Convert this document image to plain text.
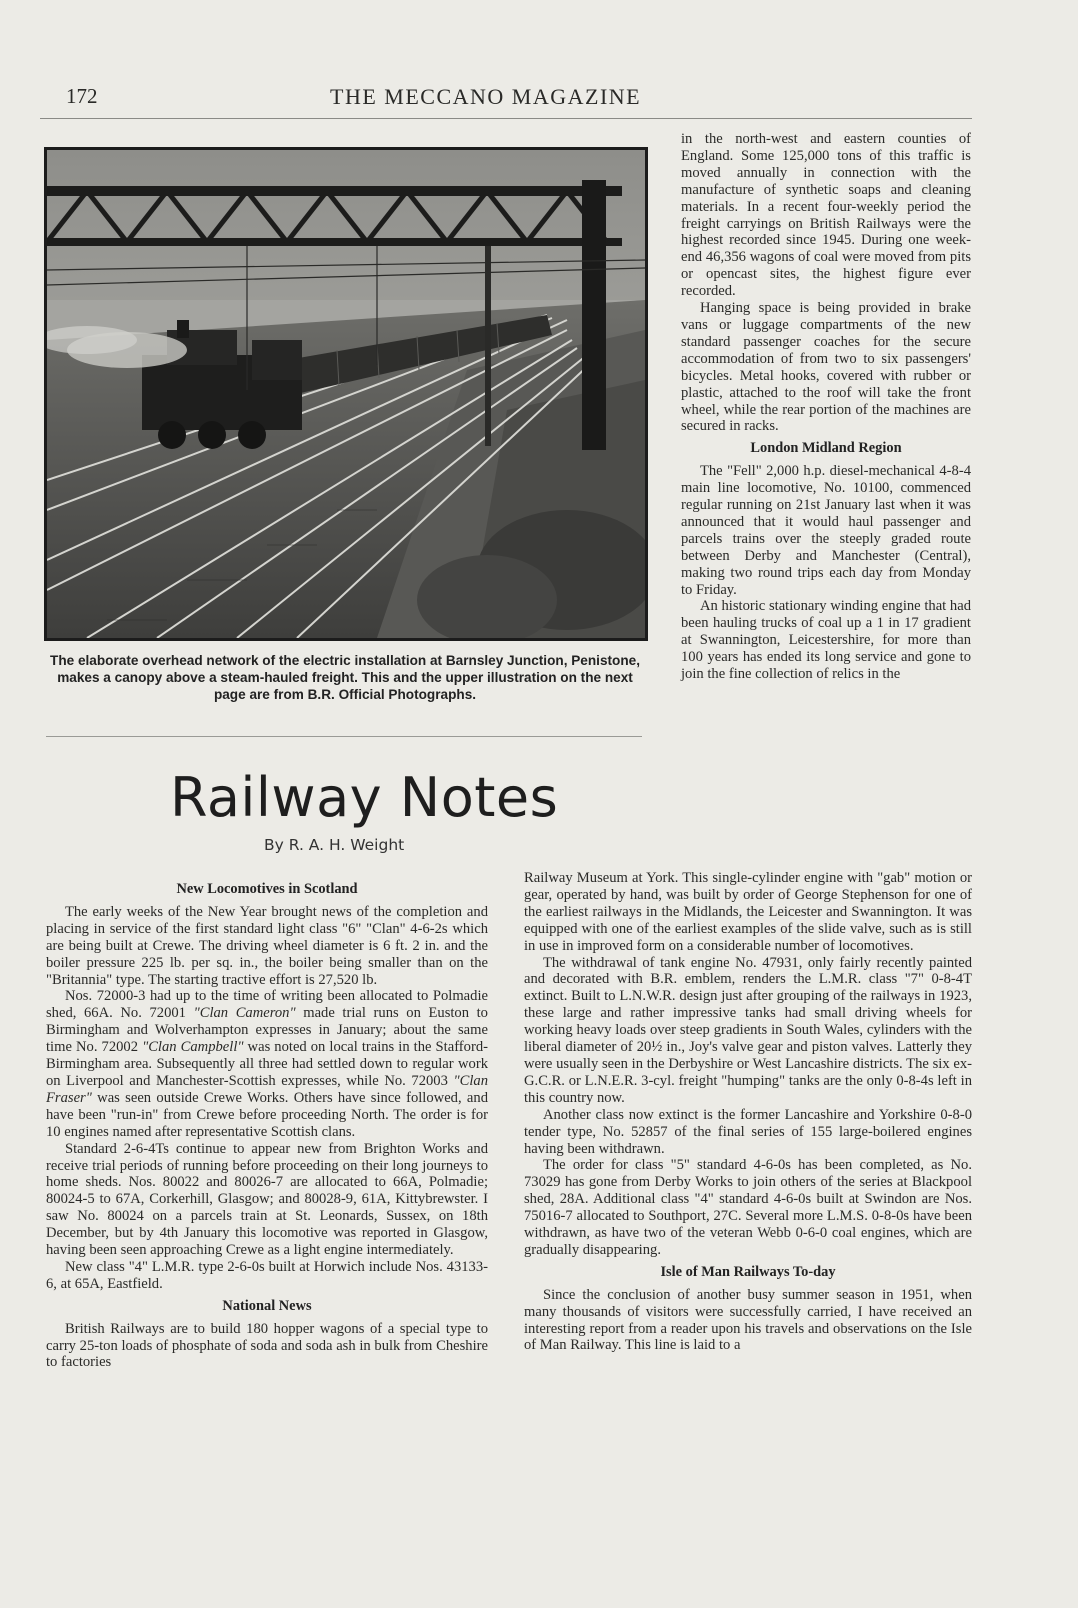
172	THE MECCANO MAGAZINE
The elaborate overhead network of the electric installation at Barnsley Junction, Penistone, makes a canopy above a steam-hauled freight. This and the upper illustration on the next page are from B.R. Official Photographs.
Railway Notes
By R. A. H. Weight

in the north-west and eastern counties of England. Some 125,000 tons of this traffic is moved annually in connection with the manufacture of synthetic soaps and cleaning materials. In a recent four-weekly period the freight carryings on British Railways were the highest recorded since 1945. During one week-end 46,356 wagons of coal were moved from pits or opencast sites, the highest figure ever recorded.

Hanging space is being provided in brake vans or luggage compartments of the new standard passenger coaches for the secure accommodation of from two to six passengers' bicycles. Metal hooks, covered with rubber or plastic, attached to the roof will take the front wheel, while the rear portion of the machines are secured in racks.

London Midland Region

The "Fell" 2,000 h.p. diesel-mechanical 4-8-4 main line locomotive, No. 10100, commenced regular running on 21st January last when it was announced that it would haul passenger and parcels trains over the steeply graded route between Derby and Manchester (Central), making two round trips each day from Monday to Friday.

An historic stationary winding engine that had been hauling trucks of coal up a 1 in 17 gradient at Swannington, Leicestershire, for more than 100 years has ended its long service and gone to join the fine collection of relics in the

New Locomotives in Scotland

The early weeks of the New Year brought news of the completion and placing in service of the first standard light class "6" "Clan" 4-6-2s which are being built at Crewe. The driving wheel diameter is 6 ft. 2 in. and the boiler pressure 225 lb. per sq. in., the boiler being smaller than on the "Britannia" type. The starting tractive effort is 27,520 lb.

Nos. 72000-3 had up to the time of writing been allocated to Polmadie shed, 66A. No. 72001 "Clan Cameron" made trial runs on Euston to Birmingham and Wolverhampton expresses in January; about the same time No. 72002 "Clan Campbell" was noted on local trains in the Stafford-Birmingham area. Subsequently all three had settled down to regular work on Liverpool and Manchester-Scottish expresses, while No. 72003 "Clan Fraser" was seen outside Crewe Works. Others have since followed, and have been "run-in" from Crewe before proceeding North. The order is for 10 engines named after representative Scottish clans.

Standard 2-6-4Ts continue to appear new from Brighton Works and receive trial periods of running before proceeding on their long journeys to home sheds. Nos. 80022 and 80026-7 are allocated to 66A, Polmadie; 80024-5 to 67A, Corkerhill, Glasgow; and 80028-9, 61A, Kittybrewster. I saw No. 80024 on a parcels train at St. Leonards, Sussex, on 18th December, but by 4th January this locomotive was reported in Glasgow, having been seen approaching Crewe as a light engine intermediately.

New class "4" L.M.R. type 2-6-0s built at Horwich include Nos. 43133-6, at 65A, Eastfield.

National News

British Railways are to build 180 hopper wagons of a special type to carry 25-ton loads of phosphate of soda and soda ash in bulk from Cheshire to factories

Railway Museum at York. This single-cylinder engine with "gab" motion or gear, operated by hand, was built by order of George Stephenson for one of the earliest railways in the Midlands, the Leicester and Swannington. It was equipped with one of the earliest examples of the slide valve, such as is still in use in improved form on a considerable number of locomotives.

The withdrawal of tank engine No. 47931, only fairly recently painted and decorated with B.R. emblem, renders the L.M.R. class "7" 0-8-4T extinct. Built to L.N.W.R. design just after grouping of the railways in 1923, these large and rather impressive tanks had small driving wheels for working heavy loads over steep gradients in South Wales, cylinders with the liberal diameter of 20½ in., Joy's valve gear and piston valves. Latterly they were usually seen in the Derbyshire or West Lancashire districts. The six ex-G.C.R. or L.N.E.R. 3-cyl. freight "humping" tanks are the only 0-8-4s left in this country now.

Another class now extinct is the former Lancashire and Yorkshire 0-8-0 tender type, No. 52857 of the final series of 155 large-boilered engines having been withdrawn.

The order for class "5" standard 4-6-0s has been completed, as No. 73029 has gone from Derby Works to join others of the series at Blackpool shed, 28A. Additional class "4" standard 4-6-0s built at Swindon are Nos. 75016-7 allocated to Southport, 27C. Several more L.M.S. 0-8-0s have been withdrawn, as have two of the veteran Webb 0-6-0 coal engines, which are gradually disappearing.

Isle of Man Railways To-day

Since the conclusion of another busy summer season in 1951, when many thousands of visitors were successfully carried, I have received an interesting report from a reader upon his travels and observations on the Isle of Man Railway. This line is laid to a
